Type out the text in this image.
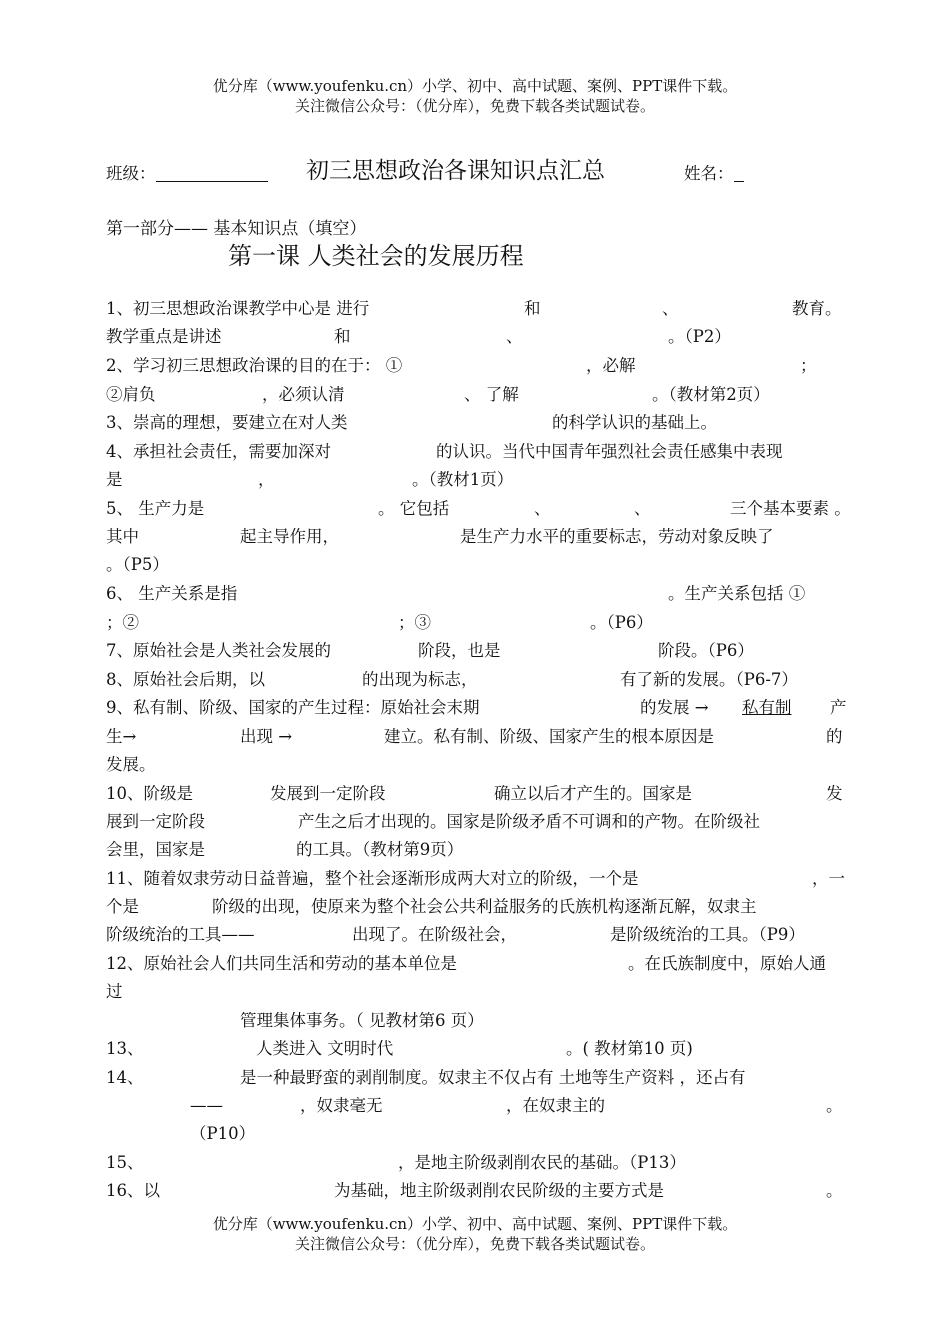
优分库（www.youfenku.cn）小学、初中、高中试题、案例、PPT课件下载。
关注微信公众号：（优分库），免费下载各类试题试卷。
班级：	初三思想政治各课知识点汇总	姓名：
第一部分—— 基本知识点（填空）
第一课 人类社会的发展历程
1、初三思想政治课教学中心是 进行	和	、	教育。
教学重点是讲述	和	、	。（P2）
2、学习初三思想政治课的目的在于： ①	，必解	；
②肩负	，必须认清	、 了解	。（教材第2页）
3、崇高的理想，要建立在对人类	的科学认识的基础上。
4、承担社会责任，需要加深对	的认识。当代中国青年强烈社会责任感集中表现
是	，	。（教材1页）
5、 生产力是	。 它包括	、	、	三个基本要素 。
其中	起主导作用，	是生产力水平的重要标志，劳动对象反映了
。（P5）
6、 生产关系是指	。生产关系包括 ①
；②	；③	。（P6）
7、原始社会是人类社会发展的	阶段，也是	阶段。（P6）
8、原始社会后期，以	的出现为标志，	有了新的发展。（P6-7）
9、私有制、阶级、国家的产生过程：原始社会末期	的发展 → 私有制 产
生→	出现 →	建立。私有制、阶级、国家产生的根本原因是	的
发展。
10、阶级是	发展到一定阶段	确立以后才产生的。国家是	发
展到一定阶段	产生之后才出现的。国家是阶级矛盾不可调和的产物。在阶级社
会里，国家是	的工具。（教材第9页）
11、随着奴隶劳动日益普遍，整个社会逐渐形成两大对立的阶级，一个是	，一
个是	阶级的出现，使原来为整个社会公共利益服务的氏族机构逐渐瓦解，奴隶主
阶级统治的工具——	出现了。在阶级社会，	是阶级统治的工具。（P9）
12、原始社会人们共同生活和劳动的基本单位是	。在氏族制度中，原始人通
过
管理集体事务。（ 见教材第6 页）
13、	人类进入 文明时代	。( 教材第10 页)
14、	是一种最野蛮的剥削制度。奴隶主不仅占有 土地等生产资料 ，还占有
——	，奴隶毫无	，在奴隶主的	。
（P10）
15、	，是地主阶级剥削农民的基础。（P13）
16、以	为基础，地主阶级剥削农民阶级的主要方式是	。
优分库（www.youfenku.cn）小学、初中、高中试题、案例、PPT课件下载。
关注微信公众号：（优分库），免费下载各类试题试卷。
